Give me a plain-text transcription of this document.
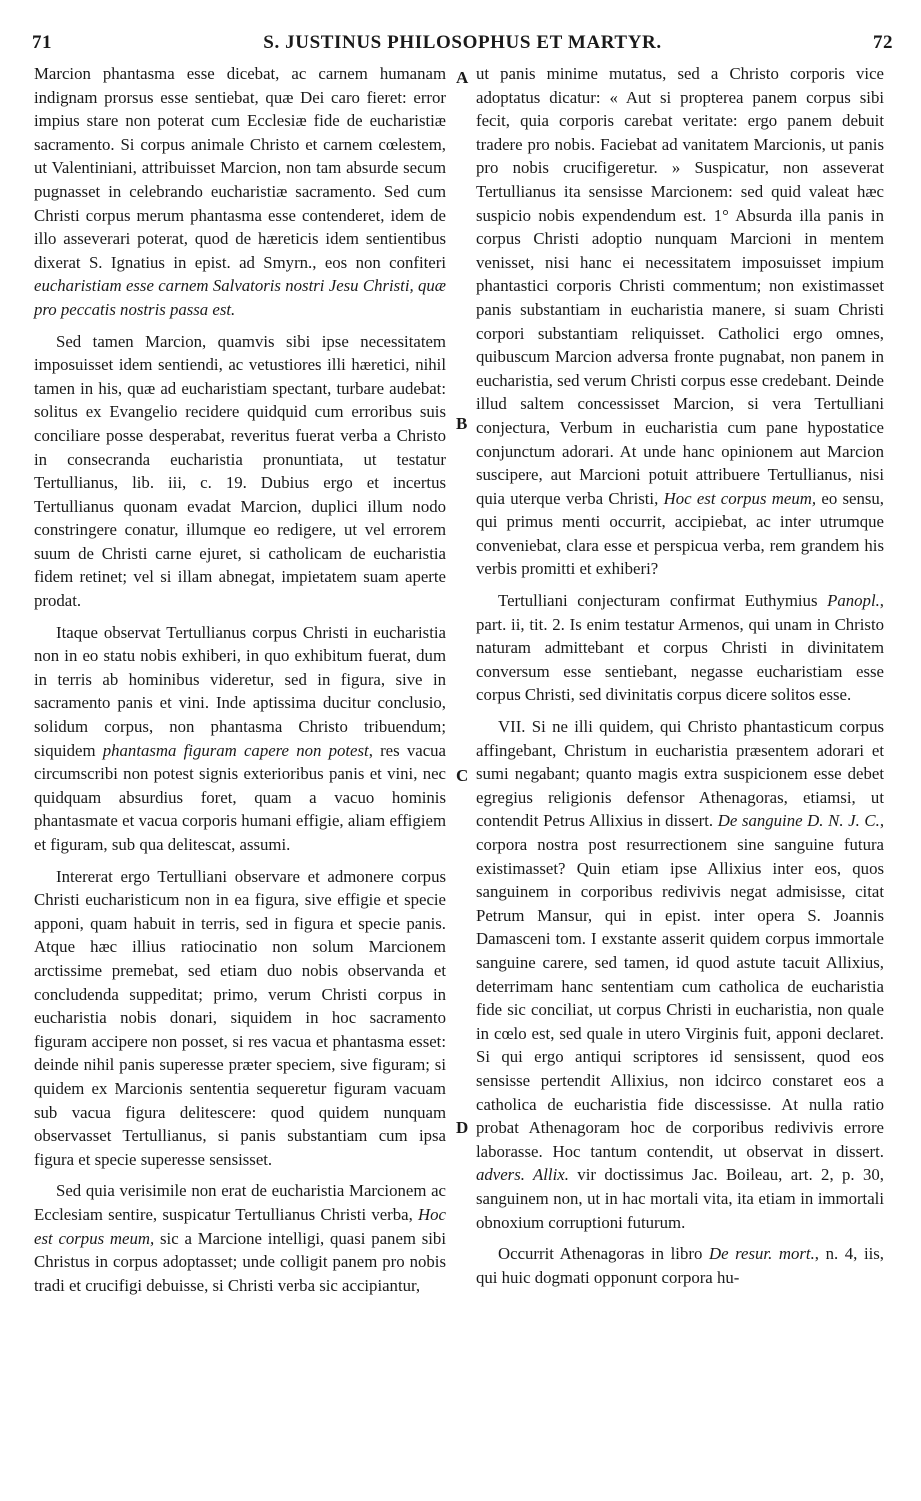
71	S. JUSTINUS PHILOSOPHUS ET MARTYR.	72
A
B
C
D

Marcion phantasma esse dicebat, ac carnem humanam indignam prorsus esse sentiebat, quæ Dei caro fieret: error impius stare non poterat cum Ecclesiæ fide de eucharistiæ sacramento. Si corpus animale Christo et carnem cœlestem, ut Valentiniani, attribuisset Marcion, non tam absurde secum pugnasset in celebrando eucharistiæ sacramento. Sed cum Christi corpus merum phantasma esse contenderet, idem de illo asseverari poterat, quod de hæreticis idem sentientibus dixerat S. Ignatius in epist. ad Smyrn., eos non confiteri eucharistiam esse carnem Salvatoris nostri Jesu Christi, quæ pro peccatis nostris passa est.

Sed tamen Marcion, quamvis sibi ipse necessitatem imposuisset idem sentiendi, ac vetustiores illi hæretici, nihil tamen in his, quæ ad eucharistiam spectant, turbare audebat: solitus ex Evangelio recidere quidquid cum erroribus suis conciliare posse desperabat, reveritus fuerat verba a Christo in consecranda eucharistia pronuntiata, ut testatur Tertullianus, lib. iii, c. 19. Dubius ergo et incertus Tertullianus quonam evadat Marcion, duplici illum nodo constringere conatur, illumque eo redigere, ut vel errorem suum de Christi carne ejuret, si catholicam de eucharistia fidem retinet; vel si illam abnegat, impietatem suam aperte prodat.

Itaque observat Tertullianus corpus Christi in eucharistia non in eo statu nobis exhiberi, in quo exhibitum fuerat, dum in terris ab hominibus videretur, sed in figura, sive in sacramento panis et vini. Inde aptissima ducitur conclusio, solidum corpus, non phantasma Christo tribuendum; siquidem phantasma figuram capere non potest, res vacua circumscribi non potest signis exterioribus panis et vini, nec quidquam absurdius foret, quam a vacuo hominis phantasmate et vacua corporis humani effigie, aliam effigiem et figuram, sub qua delitescat, assumi.

Intererat ergo Tertulliani observare et admonere corpus Christi eucharisticum non in ea figura, sive effigie et specie apponi, quam habuit in terris, sed in figura et specie panis. Atque hæc illius ratiocinatio non solum Marcionem arctissime premebat, sed etiam duo nobis observanda et concludenda suppeditat; primo, verum Christi corpus in eucharistia nobis donari, siquidem in hoc sacramento figuram accipere non posset, si res vacua et phantasma esset: deinde nihil panis superesse præter speciem, sive figuram; si quidem ex Marcionis sententia sequeretur figuram vacuam sub vacua figura delitescere: quod quidem nunquam observasset Tertullianus, si panis substantiam cum ipsa figura et specie superesse sensisset.

Sed quia verisimile non erat de eucharistia Marcionem ac Ecclesiam sentire, suspicatur Tertullianus Christi verba, Hoc est corpus meum, sic a Marcione intelligi, quasi panem sibi Christus in corpus adoptasset; unde colligit panem pro nobis tradi et crucifigi debuisse, si Christi verba sic accipiantur,

ut panis minime mutatus, sed a Christo corporis vice adoptatus dicatur: « Aut si propterea panem corpus sibi fecit, quia corporis carebat veritate: ergo panem debuit tradere pro nobis. Faciebat ad vanitatem Marcionis, ut panis pro nobis crucifigeretur. » Suspicatur, non asseverat Tertullianus ita sensisse Marcionem: sed quid valeat hæc suspicio nobis expendendum est. 1° Absurda illa panis in corpus Christi adoptio nunquam Marcioni in mentem venisset, nisi hanc ei necessitatem imposuisset impium phantastici corporis Christi commentum; non existimasset panis substantiam in eucharistia manere, si suam Christi corpori substantiam reliquisset. Catholici ergo omnes, quibuscum Marcion adversa fronte pugnabat, non panem in eucharistia, sed verum Christi corpus esse credebant. Deinde illud saltem concessisset Marcion, si vera Tertulliani conjectura, Verbum in eucharistia cum pane hypostatice conjunctum adorari. At unde hanc opinionem aut Marcion suscipere, aut Marcioni potuit attribuere Tertullianus, nisi quia uterque verba Christi, Hoc est corpus meum, eo sensu, qui primus menti occurrit, accipiebat, ac inter utrumque conveniebat, clara esse et perspicua verba, rem grandem his verbis promitti et exhiberi?

Tertulliani conjecturam confirmat Euthymius Panopl., part. ii, tit. 2. Is enim testatur Armenos, qui unam in Christo naturam admittebant et corpus Christi in divinitatem conversum esse sentiebant, negasse eucharistiam esse corpus Christi, sed divinitatis corpus dicere solitos esse.

VII. Si ne illi quidem, qui Christo phantasticum corpus affingebant, Christum in eucharistia præsentem adorari et sumi negabant; quanto magis extra suspicionem esse debet egregius religionis defensor Athenagoras, etiamsi, ut contendit Petrus Allixius in dissert. De sanguine D. N. J. C., corpora nostra post resurrectionem sine sanguine futura existimasset? Quin etiam ipse Allixius inter eos, quos sanguinem in corporibus redivivis negat admisisse, citat Petrum Mansur, qui in epist. inter opera S. Joannis Damasceni tom. I exstante asserit quidem corpus immortale sanguine carere, sed tamen, id quod astute tacuit Allixius, deterrimam hanc sententiam cum catholica de eucharistia fide sic conciliat, ut corpus Christi in eucharistia, non quale in cœlo est, sed quale in utero Virginis fuit, apponi declaret. Si qui ergo antiqui scriptores id sensissent, quod eos sensisse pertendit Allixius, non idcirco constaret eos a catholica de eucharistia fide discessisse. At nulla ratio probat Athenagoram hoc de corporibus redivivis errore laborasse. Hoc tantum contendit, ut observat in dissert. advers. Allix. vir doctissimus Jac. Boileau, art. 2, p. 30, sanguinem non, ut in hac mortali vita, ita etiam in immortali obnoxium corruptioni futurum.

Occurrit Athenagoras in libro De resur. mort., n. 4, iis, qui huic dogmati opponunt corpora hu-
